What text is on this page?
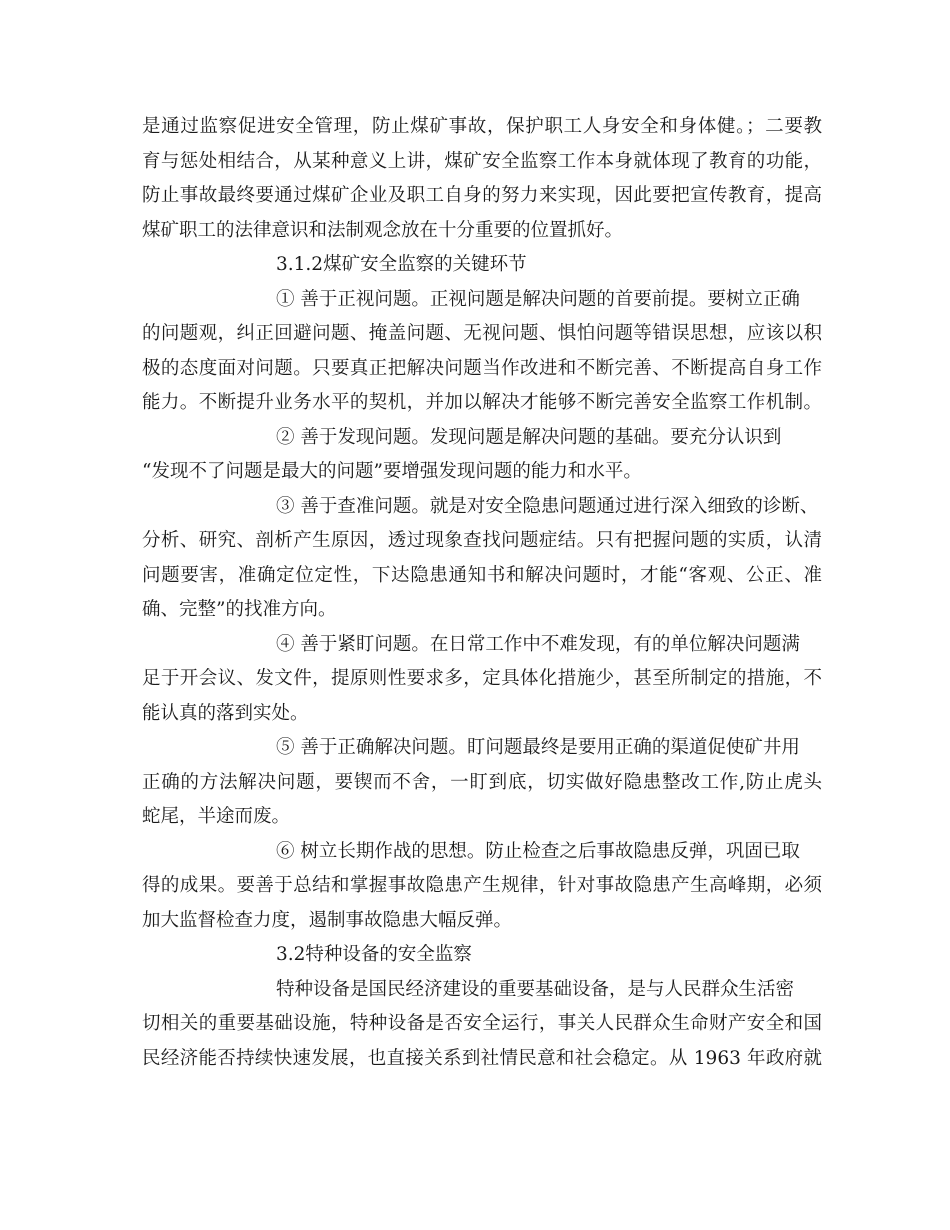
是通过监察促进安全管理，防止煤矿事故，保护职工人身安全和身体健。；二要教
育与惩处相结合，从某种意义上讲，煤矿安全监察工作本身就体现了教育的功能，
防止事故最终要通过煤矿企业及职工自身的努力来实现，因此要把宣传教育，提高
煤矿职工的法律意识和法制观念放在十分重要的位置抓好。
3.1.2煤矿安全监察的关键环节
① 善于正视问题。正视问题是解决问题的首要前提。要树立正确
的问题观，纠正回避问题、掩盖问题、无视问题、惧怕问题等错误思想，应该以积
极的态度面对问题。只要真正把解决问题当作改进和不断完善、不断提高自身工作
能力。不断提升业务水平的契机，并加以解决才能够不断完善安全监察工作机制。
② 善于发现问题。发现问题是解决问题的基础。要充分认识到
“发现不了问题是最大的问题”要增强发现问题的能力和水平。
③ 善于查准问题。就是对安全隐患问题通过进行深入细致的诊断、
分析、研究、剖析产生原因，透过现象查找问题症结。只有把握问题的实质，认清
问题要害，准确定位定性，下达隐患通知书和解决问题时，才能“客观、公正、准
确、完整”的找准方向。
④ 善于紧盯问题。在日常工作中不难发现，有的单位解决问题满
足于开会议、发文件，提原则性要求多，定具体化措施少，甚至所制定的措施，不
能认真的落到实处。
⑤ 善于正确解决问题。盯问题最终是要用正确的渠道促使矿井用
正确的方法解决问题，要锲而不舍，一盯到底，切实做好隐患整改工作,防止虎头
蛇尾，半途而废。
⑥ 树立长期作战的思想。防止检查之后事故隐患反弹，巩固已取
得的成果。要善于总结和掌握事故隐患产生规律，针对事故隐患产生高峰期，必须
加大监督检查力度，遏制事故隐患大幅反弹。
3.2特种设备的安全监察
特种设备是国民经济建设的重要基础设备，是与人民群众生活密
切相关的重要基础设施，特种设备是否安全运行，事关人民群众生命财产安全和国
民经济能否持续快速发展，也直接关系到社情民意和社会稳定。从 1963 年政府就
